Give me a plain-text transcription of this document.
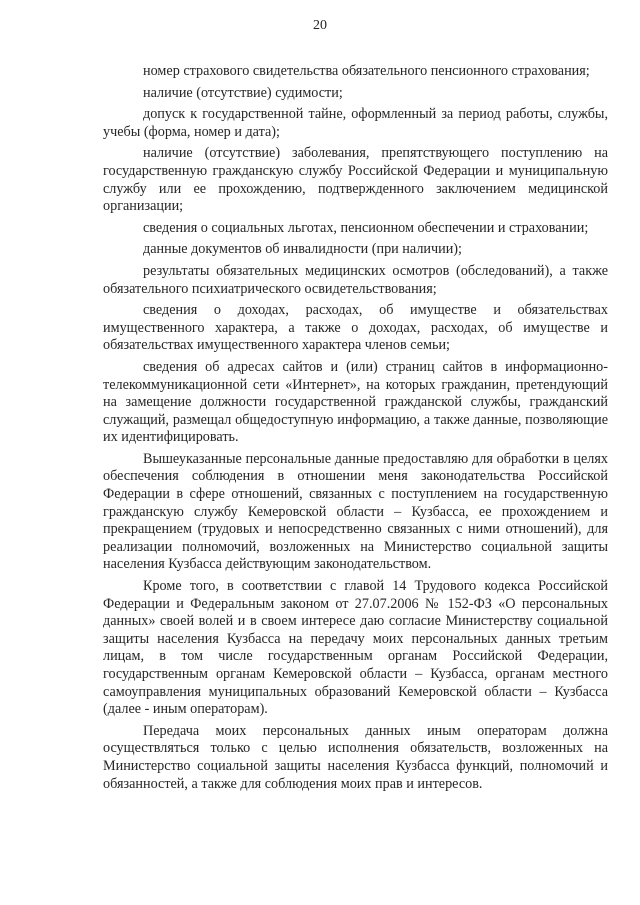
20

номер страхового свидетельства обязательного пенсионного страхования;

наличие (отсутствие) судимости;

допуск к государственной тайне, оформленный за период работы, службы, учебы (форма, номер и дата);

наличие (отсутствие) заболевания, препятствующего поступлению на государственную гражданскую службу Российской Федерации и муниципальную службу или ее прохождению, подтвержденного заключением медицинской организации;

сведения о социальных льготах, пенсионном обеспечении и страховании;

данные документов об инвалидности (при наличии);

результаты обязательных медицинских осмотров (обследований), а также обязательного психиатрического освидетельствования;

сведения о доходах, расходах, об имуществе и обязательствах имущественного характера, а также о доходах, расходах, об имуществе и обязательствах имущественного характера членов семьи;

сведения об адресах сайтов и (или) страниц сайтов в информационно-телекоммуникационной сети «Интернет», на которых гражданин, претендующий на замещение должности государственной гражданской службы, гражданский служащий, размещал общедоступную информацию, а также данные, позволяющие их идентифицировать.

Вышеуказанные персональные данные предоставляю для обработки в целях обеспечения соблюдения в отношении меня законодательства Российской Федерации в сфере отношений, связанных с поступлением на государственную гражданскую службу Кемеровской области – Кузбасса, ее прохождением и прекращением (трудовых и непосредственно связанных с ними отношений), для реализации полномочий, возложенных на Министерство социальной защиты населения Кузбасса действующим законодательством.

Кроме того, в соответствии с главой 14 Трудового кодекса Российской Федерации и Федеральным законом от 27.07.2006 № 152-ФЗ «О персональных данных» своей волей и в своем интересе даю согласие Министерству социальной защиты населения Кузбасса на передачу моих персональных данных третьим лицам, в том числе государственным органам Российской Федерации, государственным органам Кемеровской области – Кузбасса, органам местного самоуправления муниципальных образований Кемеровской области – Кузбасса (далее - иным операторам).

Передача моих персональных данных иным операторам должна осуществляться только с целью исполнения обязательств, возложенных на Министерство социальной защиты населения Кузбасса функций, полномочий и обязанностей, а также для соблюдения моих прав и интересов.
